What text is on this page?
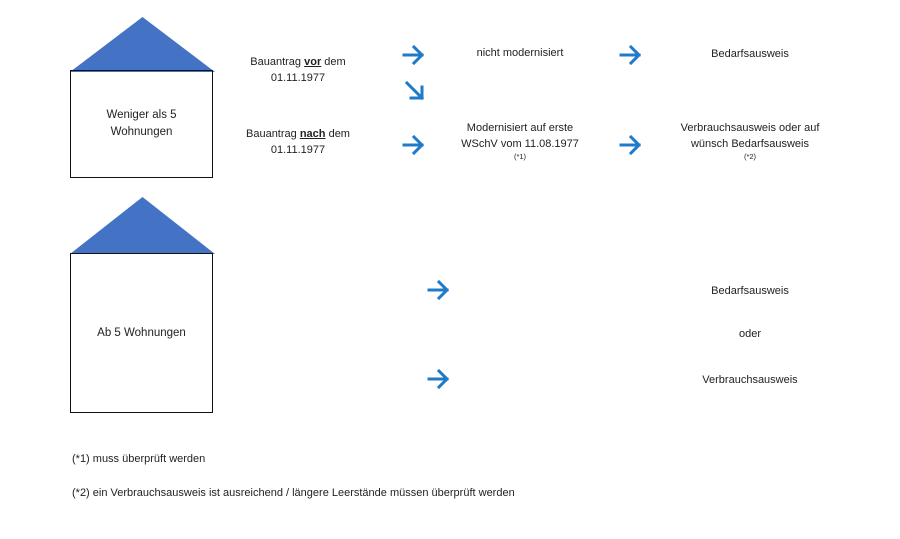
Weniger als 5
Wohnungen
Ab 5 Wohnungen
Bauantrag vor dem
01.11.1977
nicht modernisiert	Bedarfsausweis
Bauantrag nach dem
01.11.1977
Modernisiert auf erste
WSchV vom 11.08.1977
(*1)
Verbrauchsausweis oder auf
wünsch Bedarfsausweis
(*2)
Bedarfsausweis
oder
Verbrauchsausweis
(*1) muss überprüft werden
(*2) ein Verbrauchsausweis ist ausreichend / längere Leerstände müssen überprüft werden
